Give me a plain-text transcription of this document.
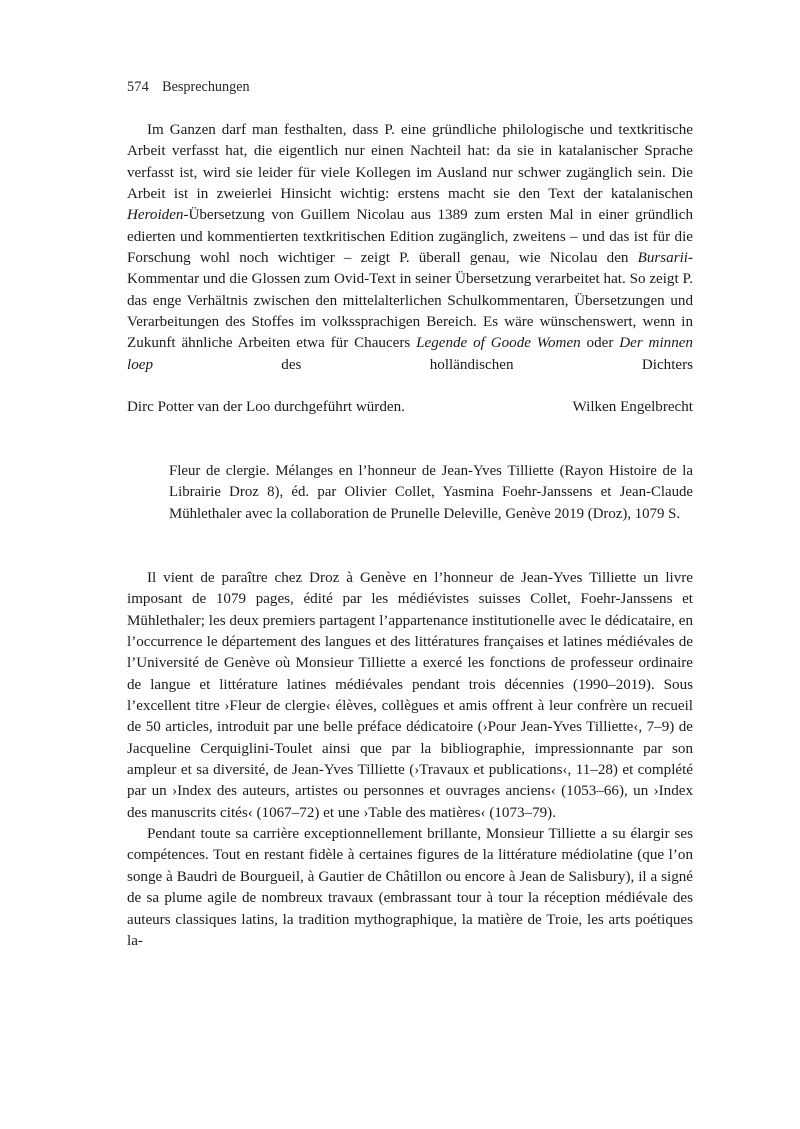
574 Besprechungen

Im Ganzen darf man festhalten, dass P. eine gründliche philologische und textkritische Arbeit verfasst hat, die eigentlich nur einen Nachteil hat: da sie in katalanischer Sprache verfasst ist, wird sie leider für viele Kollegen im Ausland nur schwer zugänglich sein. Die Arbeit ist in zweierlei Hinsicht wichtig: erstens macht sie den Text der katalanischen Heroiden-Übersetzung von Guillem Nicolau aus 1389 zum ersten Mal in einer gründlich edierten und kommentierten textkritischen Edition zugänglich, zweitens – und das ist für die Forschung wohl noch wichtiger – zeigt P. überall genau, wie Nicolau den Bursarii-Kommentar und die Glossen zum Ovid-Text in seiner Übersetzung verarbeitet hat. So zeigt P. das enge Verhältnis zwischen den mittelalterlichen Schulkommentaren, Übersetzungen und Verarbeitungen des Stoffes im volkssprachigen Bereich. Es wäre wünschenswert, wenn in Zukunft ähnliche Arbeiten etwa für Chaucers Legende of Goode Women oder Der minnen loep des holländischen Dichters

Dirc Potter van der Loo durchgeführt würden.	Wilken Engelbrecht

Fleur de clergie. Mélanges en l’honneur de Jean-Yves Tilliette (Rayon Histoire de la Librairie Droz 8), éd. par Olivier Collet, Yasmina Foehr-Janssens et Jean-Claude Mühlethaler avec la collaboration de Prunelle Deleville, Genève 2019 (Droz), 1079 S.

Il vient de paraître chez Droz à Genève en l’honneur de Jean-Yves Tilliette un livre imposant de 1079 pages, édité par les médiévistes suisses Collet, Foehr-Janssens et Mühlethaler; les deux premiers partagent l’appartenance institutionelle avec le dédicataire, en l’occurrence le département des langues et des littératures françaises et latines médiévales de l’Université de Genève où Monsieur Tilliette a exercé les fonctions de professeur ordinaire de langue et littérature latines médiévales pendant trois décennies (1990–2019). Sous l’excellent titre ›Fleur de clergie‹ élèves, collègues et amis offrent à leur confrère un recueil de 50 articles, introduit par une belle préface dédicatoire (›Pour Jean-Yves Tilliette‹, 7–9) de Jacqueline Cerquiglini-Toulet ainsi que par la bibliographie, impressionnante par son ampleur et sa diversité, de Jean-Yves Tilliette (›Travaux et publications‹, 11–28) et complété par un ›Index des auteurs, artistes ou personnes et ouvrages anciens‹ (1053–66), un ›Index des manuscrits cités‹ (1067–72) et une ›Table des matières‹ (1073–79).

Pendant toute sa carrière exceptionnellement brillante, Monsieur Tilliette a su élargir ses compétences. Tout en restant fidèle à certaines figures de la littérature médiolatine (que l’on songe à Baudri de Bourgueil, à Gautier de Châtillon ou encore à Jean de Salisbury), il a signé de sa plume agile de nombreux travaux (embrassant tour à tour la réception médiévale des auteurs classiques latins, la tradition mythographique, la matière de Troie, les arts poétiques la-
